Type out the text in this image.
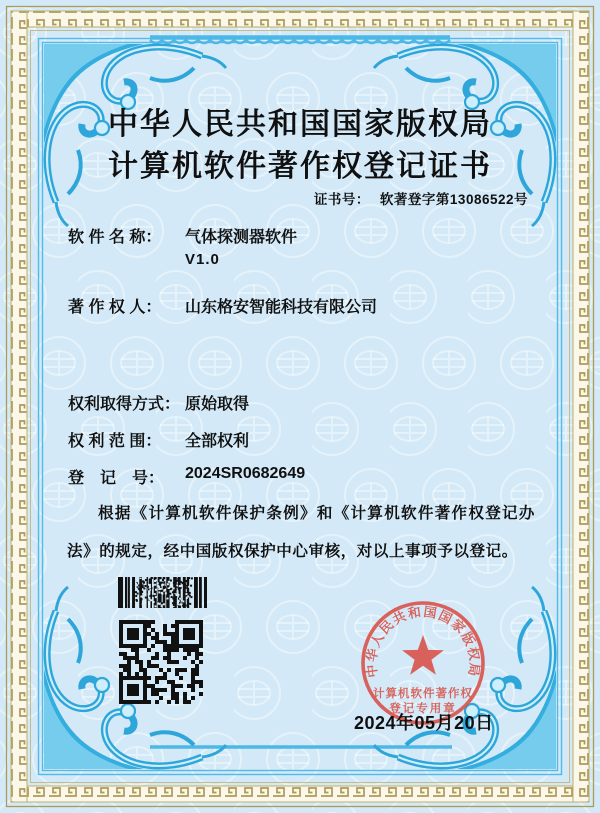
中华人民共和国国家版权局
计算机软件著作权登记证书
证书号： 软著登字第13086522号
软 件 名 称：	气体探测器软件
V1.0
著 作 权 人：	山东格安智能科技有限公司
权利取得方式： 原始取得
权 利 范 围：	全部权利
登　记　号：	2024SR0682649
根据《计算机软件保护条例》和《计算机软件著作权登记办法》的规定，经中国版权保护中心审核，对以上事项予以登记。
中华人民共和国国家版权局
计算机软件著作权
登记专用章
2024年05月20日
